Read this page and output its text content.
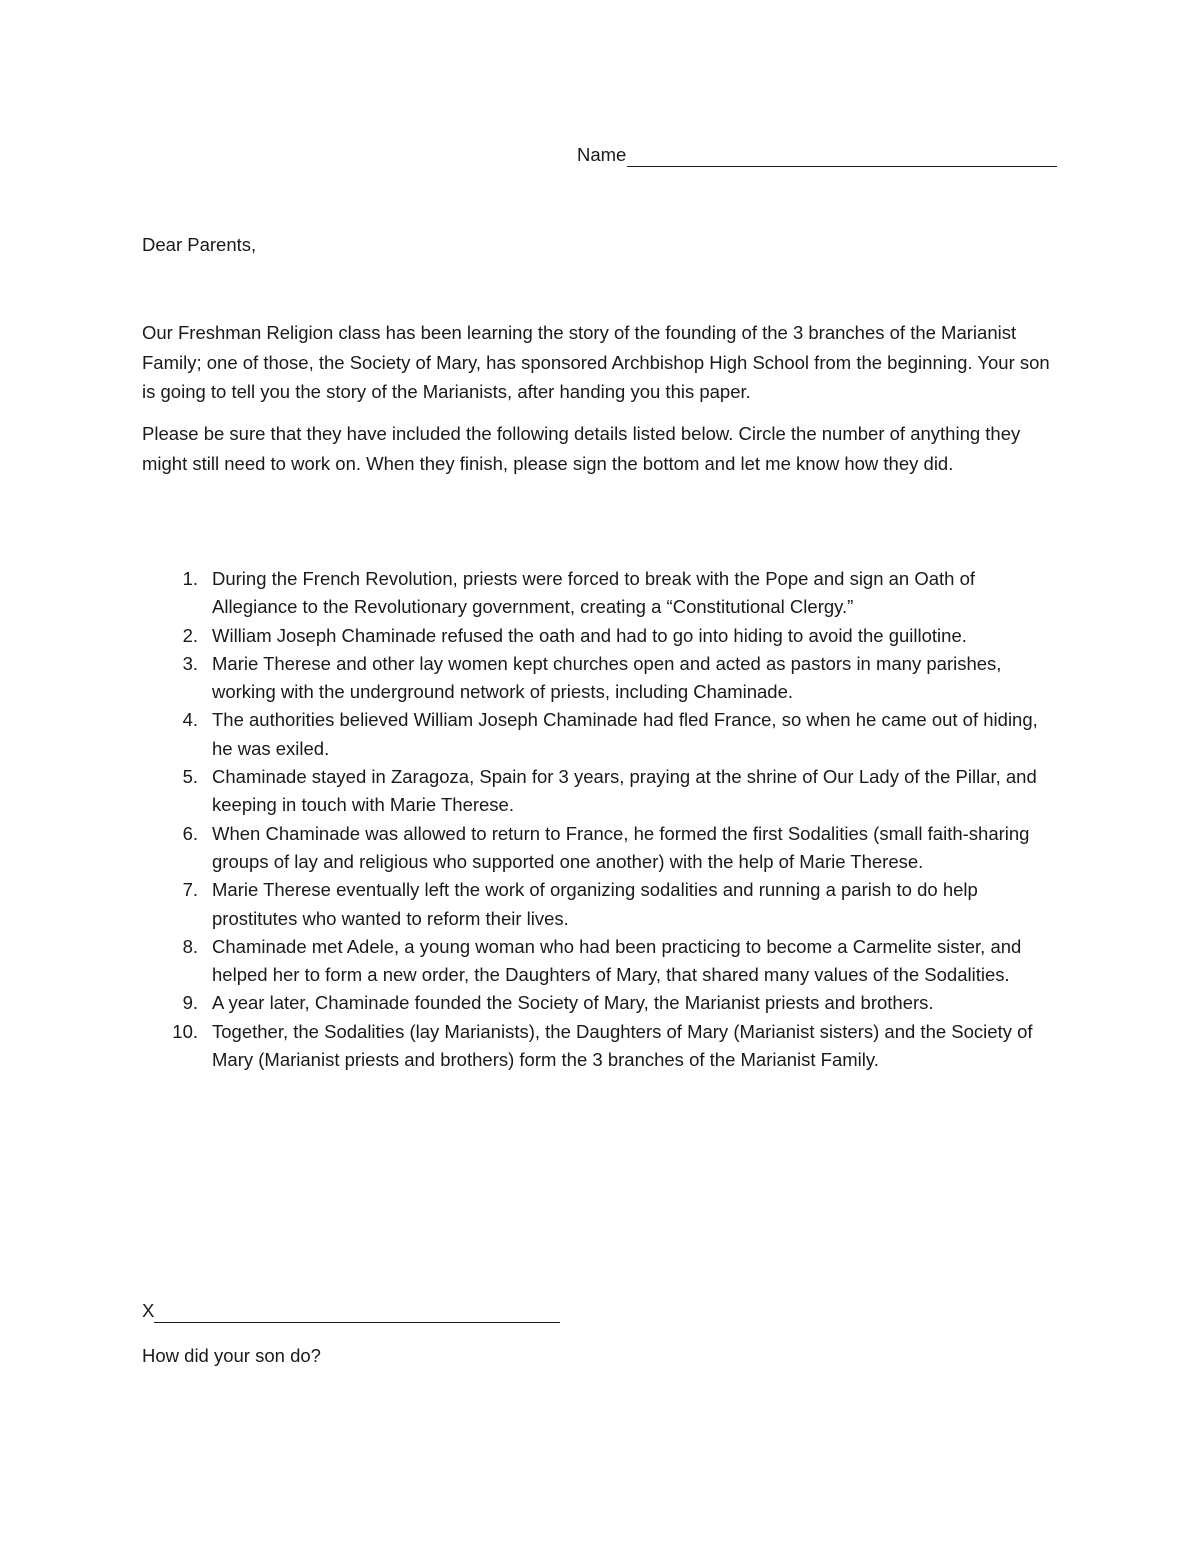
Name
Dear Parents,

Our Freshman Religion class has been learning the story of the founding of the 3 branches of the Marianist Family; one of those, the Society of Mary, has sponsored Archbishop High School from the beginning. Your son is going to tell you the story of the Marianists, after handing you this paper.

Please be sure that they have included the following details listed below. Circle the number of anything they might still need to work on. When they finish, please sign the bottom and let me know how they did.

1. During the French Revolution, priests were forced to break with the Pope and sign an Oath of Allegiance to the Revolutionary government, creating a “Constitutional Clergy.”
2. William Joseph Chaminade refused the oath and had to go into hiding to avoid the guillotine.
3. Marie Therese and other lay women kept churches open and acted as pastors in many parishes, working with the underground network of priests, including Chaminade.
4. The authorities believed William Joseph Chaminade had fled France, so when he came out of hiding, he was exiled.
5. Chaminade stayed in Zaragoza, Spain for 3 years, praying at the shrine of Our Lady of the Pillar, and keeping in touch with Marie Therese.
6. When Chaminade was allowed to return to France, he formed the first Sodalities (small faith-sharing groups of lay and religious who supported one another) with the help of Marie Therese.
7. Marie Therese eventually left the work of organizing sodalities and running a parish to do help prostitutes who wanted to reform their lives.
8. Chaminade met Adele, a young woman who had been practicing to become a Carmelite sister, and helped her to form a new order, the Daughters of Mary, that shared many values of the Sodalities.
9. A year later, Chaminade founded the Society of Mary, the Marianist priests and brothers.
10. Together, the Sodalities (lay Marianists), the Daughters of Mary (Marianist sisters) and the Society of Mary (Marianist priests and brothers) form the 3 branches of the Marianist Family.
X
How did your son do?
